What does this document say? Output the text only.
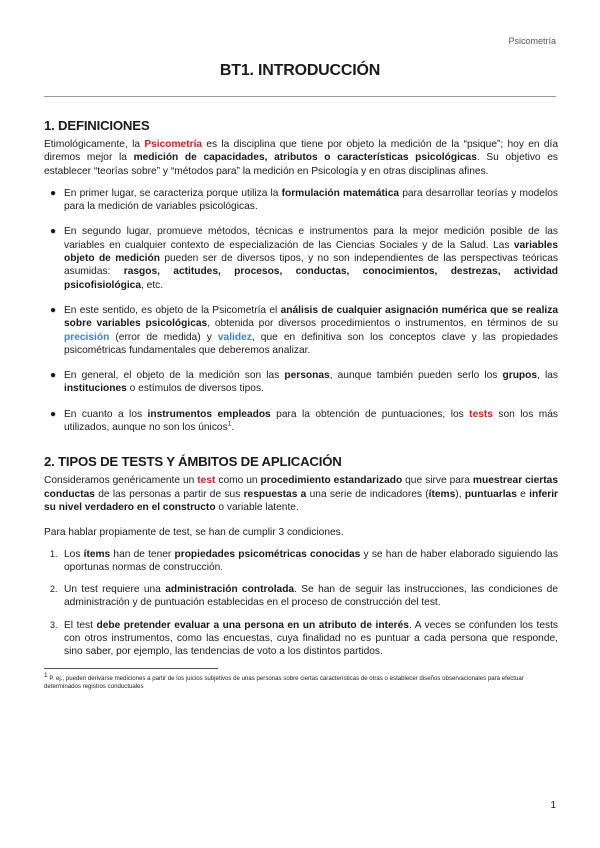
Psicometría
BT1. INTRODUCCIÓN
1. DEFINICIONES

Etimológicamente, la Psicometría es la disciplina que tiene por objeto la medición de la “psique”; hoy en día diremos mejor la medición de capacidades, atributos o características psicológicas. Su objetivo es establecer “teorías sobre” y “métodos para” la medición en Psicología y en otras disciplinas afines.

● En primer lugar, se caracteriza porque utiliza la formulación matemática para desarrollar teorías y modelos para la medición de variables psicológicas.
● En segundo lugar, promueve métodos, técnicas e instrumentos para la mejor medición posible de las variables en cualquier contexto de especialización de las Ciencias Sociales y de la Salud. Las variables objeto de medición pueden ser de diversos tipos, y no son independientes de las perspectivas teóricas asumidas: rasgos, actitudes, procesos, conductas, conocimientos, destrezas, actividad psicofisiológica, etc.
● En este sentido, es objeto de la Psicometría el análisis de cualquier asignación numérica que se realiza sobre variables psicológicas, obtenida por diversos procedimientos o instrumentos, en términos de su precisión (error de medida) y validez, que en definitiva son los conceptos clave y las propiedades psicométricas fundamentales que deberemos analizar.
● En general, el objeto de la medición son las personas, aunque también pueden serlo los grupos, las instituciones o estímulos de diversos tipos.
● En cuanto a los instrumentos empleados para la obtención de puntuaciones, los tests son los más utilizados, aunque no son los únicos$^1$.
2. TIPOS DE TESTS Y ÁMBITOS DE APLICACIÓN

Consideramos genéricamente un test como un procedimiento estandarizado que sirve para muestrear ciertas conductas de las personas a partir de sus respuestas a una serie de indicadores (ítems), puntuarlas e inferir su nivel verdadero en el constructo o variable latente.

Para hablar propiamente de test, se han de cumplir 3 condiciones.

1. Los ítems han de tener propiedades psicométricas conocidas y se han de haber elaborado siguiendo las oportunas normas de construcción.
2. Un test requiere una administración controlada. Se han de seguir las instrucciones, las condiciones de administración y de puntuación establecidas en el proceso de construcción del test.
3. El test debe pretender evaluar a una persona en un atributo de interés. A veces se confunden los tests con otros instrumentos, como las encuestas, cuya finalidad no es puntuar a cada persona que responde, sino saber, por ejemplo, las tendencias de voto a los distintos partidos.
$^1$ P. ej., pueden derivarse mediciones a partir de los juicios subjetivos de unas personas sobre ciertas características de otras o establecer diseños observacionales para efectuar determinados registros conductuales
1
